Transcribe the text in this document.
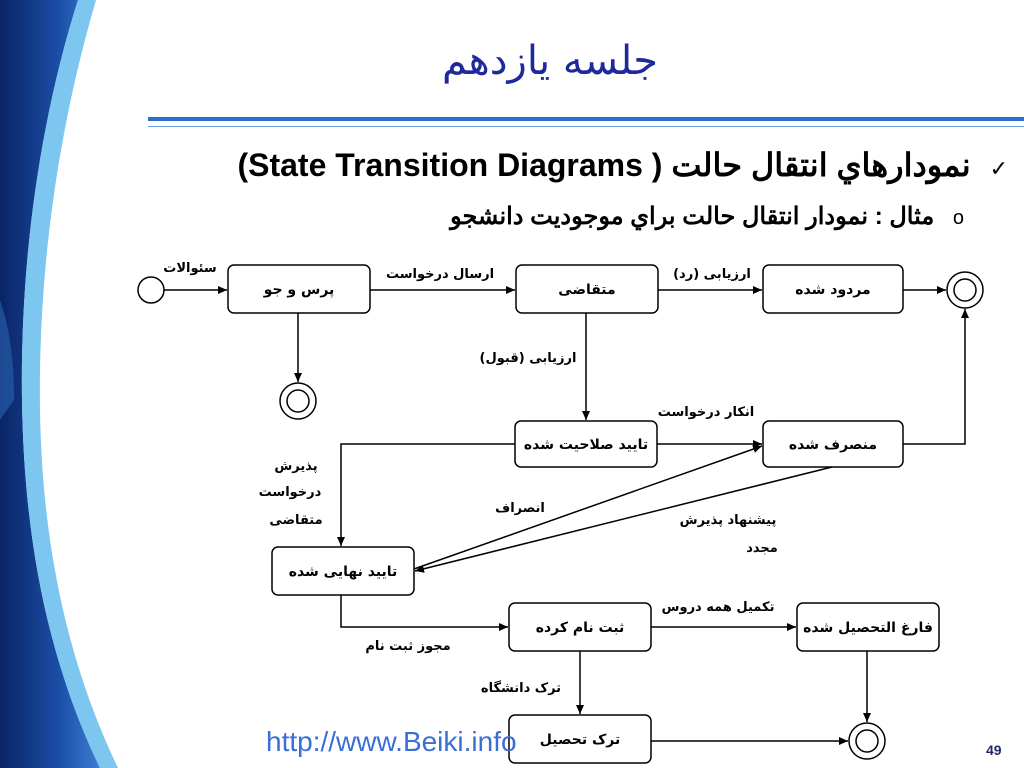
جلسه يازدهم
(State Transition Diagrams ) نمودارهاي انتقال حالت ✓
o مثال : نمودار انتقال حالت براي موجوديت دانشجو
پرس و جو	متقاضی	مردود شده
تاييد صلاحيت شده	منصرف شده
تاييد نهايی شده
ثبت نام کرده	فارغ التحصيل شده
ترک تحصيل
سئوالات	ارسال درخواست	ارزيابی (رد)
ارزيابی (قبول)
انکار درخواست
پذيرش
درخواست
متقاضی
انصراف
پيشنهاد پذيرش
مجدد
تکميل همه دروس
مجوز ثبت نام
ترک دانشگاه
http://www.Beiki.info	49
